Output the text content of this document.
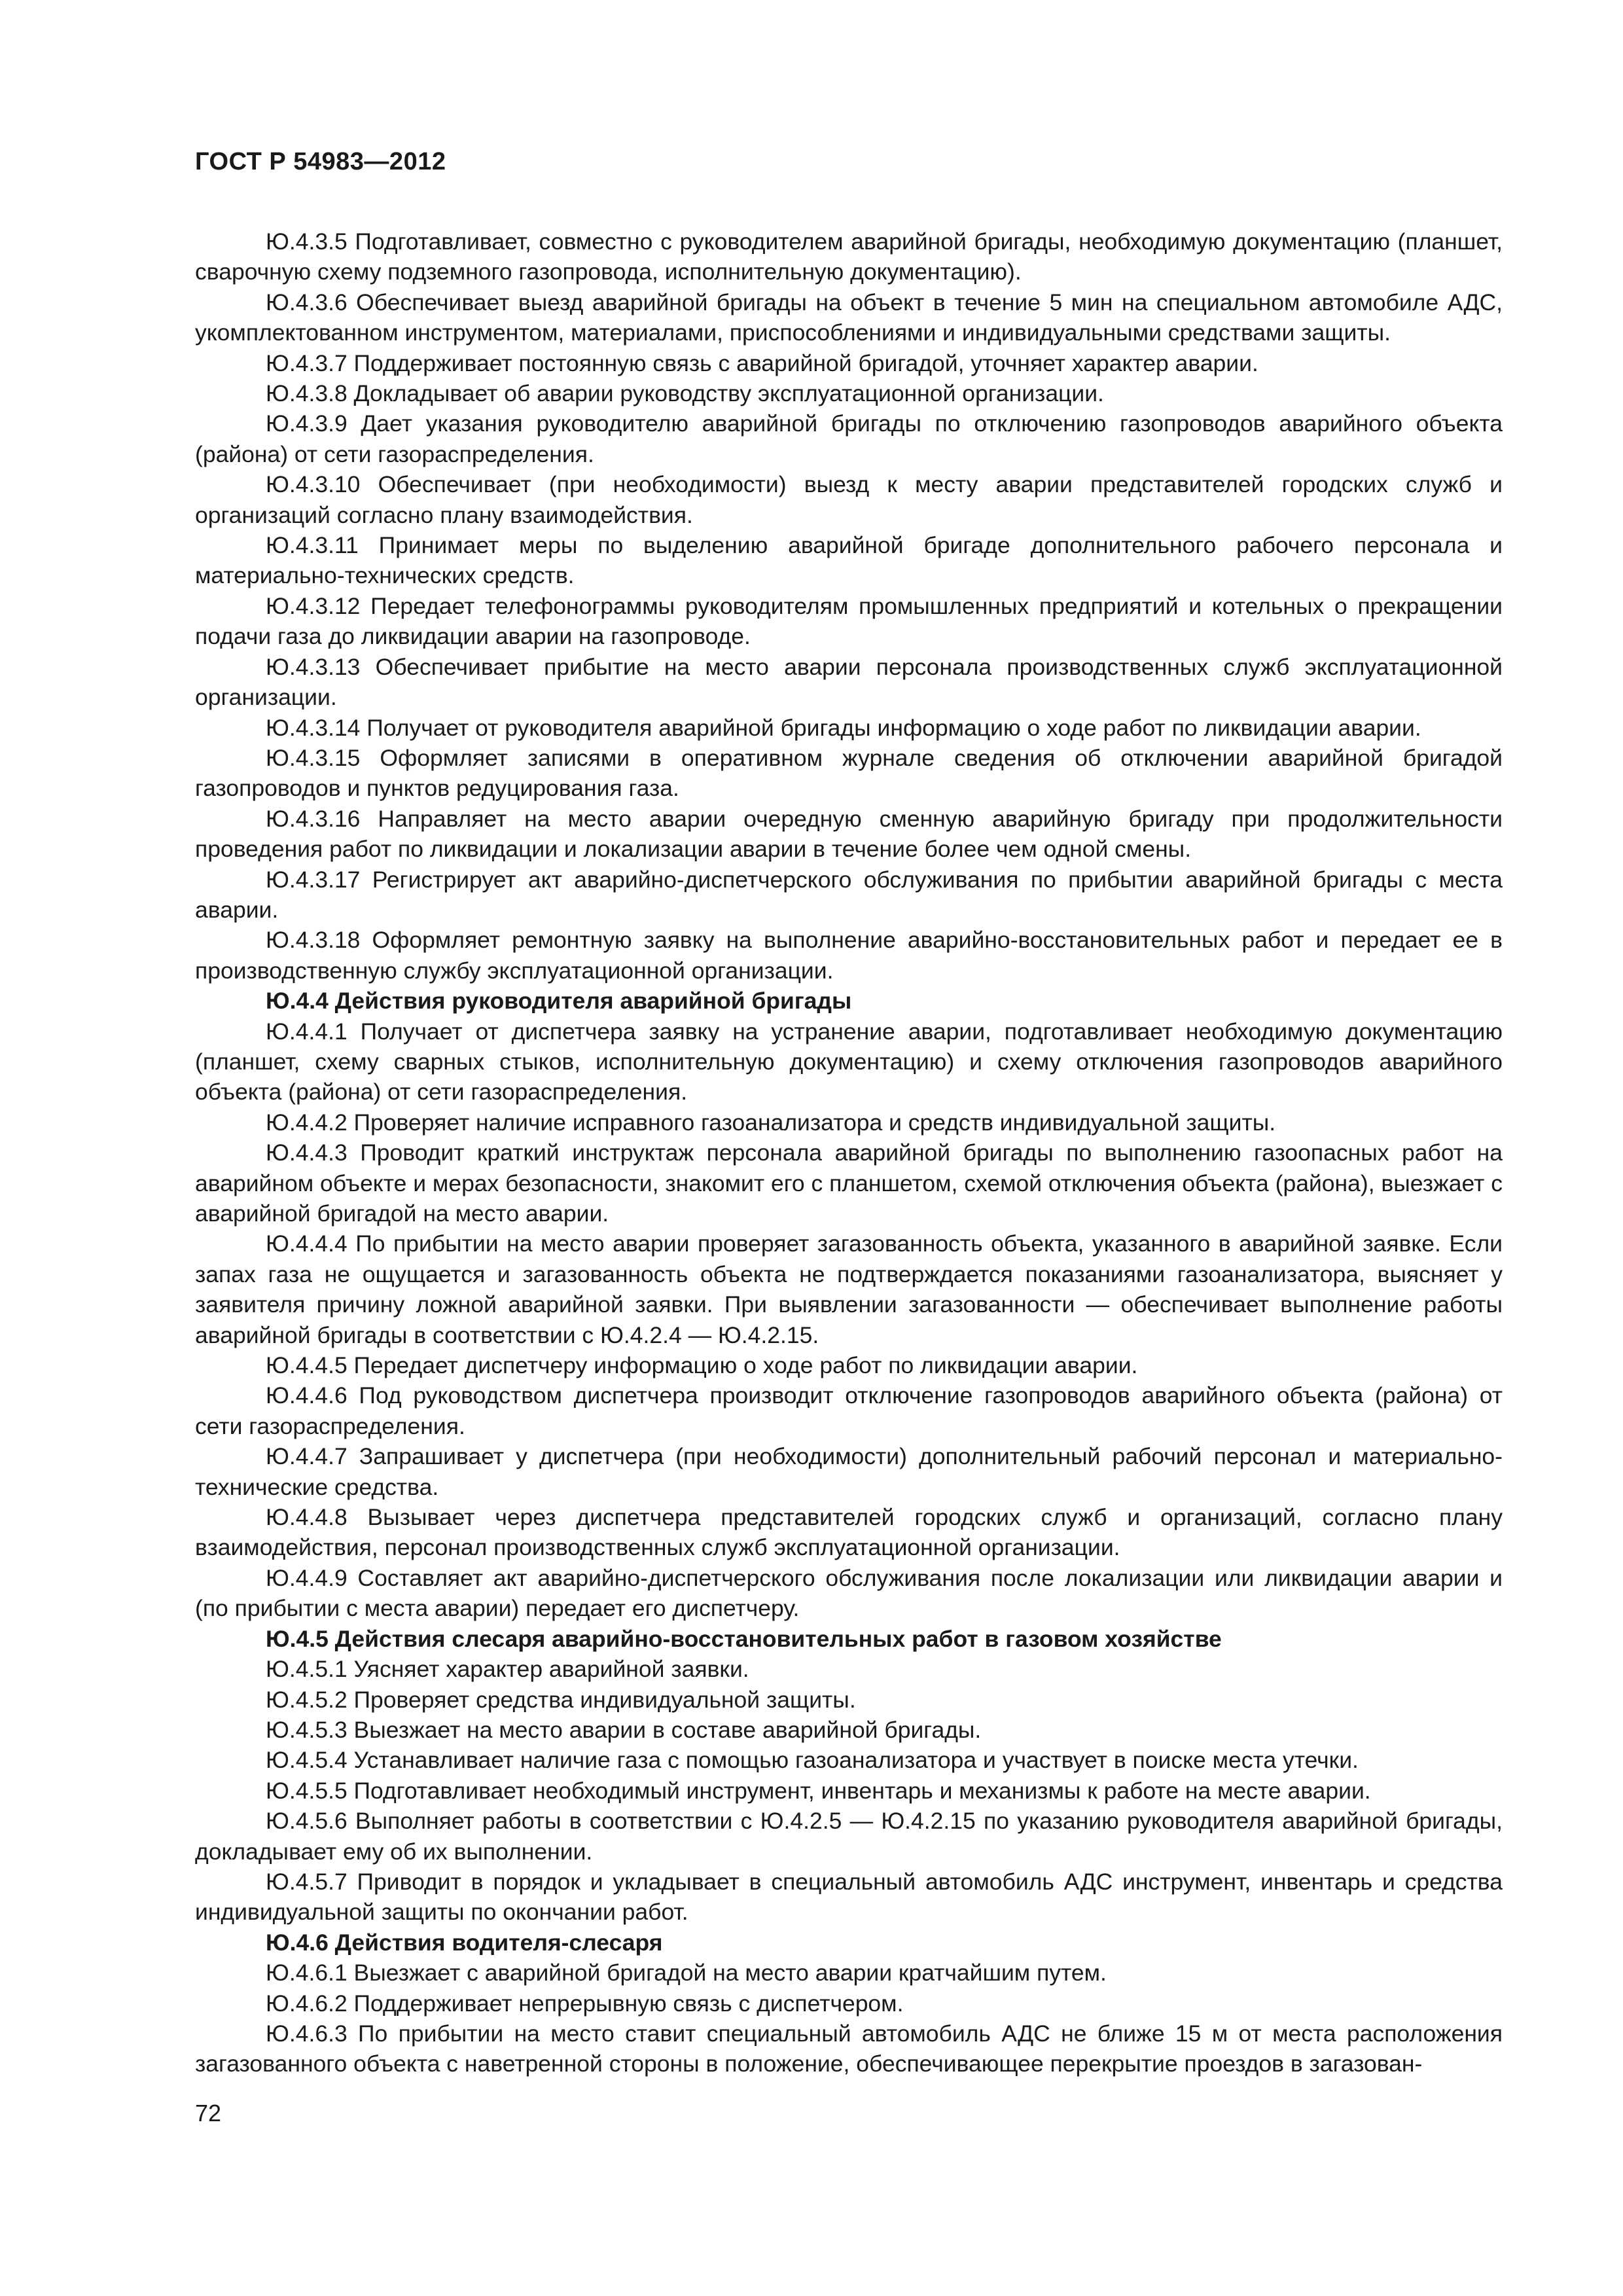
ГОСТ Р 54983—2012

Ю.4.3.5 Подготавливает, совместно с руководителем аварийной бригады, необходимую документацию (планшет, сварочную схему подземного газопровода, исполнительную документацию).

Ю.4.3.6 Обеспечивает выезд аварийной бригады на объект в течение 5 мин на специальном автомобиле АДС, укомплектованном инструментом, материалами, приспособлениями и индивидуальными средствами защиты.

Ю.4.3.7 Поддерживает постоянную связь с аварийной бригадой, уточняет характер аварии.

Ю.4.3.8 Докладывает об аварии руководству эксплуатационной организации.

Ю.4.3.9 Дает указания руководителю аварийной бригады по отключению газопроводов аварийного объекта (района) от сети газораспределения.

Ю.4.3.10 Обеспечивает (при необходимости) выезд к месту аварии представителей городских служб и организаций согласно плану взаимодействия.

Ю.4.3.11 Принимает меры по выделению аварийной бригаде дополнительного рабочего персонала и материально-технических средств.

Ю.4.3.12 Передает телефонограммы руководителям промышленных предприятий и котельных о прекращении подачи газа до ликвидации аварии на газопроводе.

Ю.4.3.13 Обеспечивает прибытие на место аварии персонала производственных служб эксплуатационной организации.

Ю.4.3.14 Получает от руководителя аварийной бригады информацию о ходе работ по ликвидации аварии.

Ю.4.3.15 Оформляет записями в оперативном журнале сведения об отключении аварийной бригадой газопроводов и пунктов редуцирования газа.

Ю.4.3.16 Направляет на место аварии очередную сменную аварийную бригаду при продолжительности проведения работ по ликвидации и локализации аварии в течение более чем одной смены.

Ю.4.3.17 Регистрирует акт аварийно-диспетчерского обслуживания по прибытии аварийной бригады с места аварии.

Ю.4.3.18 Оформляет ремонтную заявку на выполнение аварийно-восстановительных работ и передает ее в производственную службу эксплуатационной организации.

Ю.4.4 Действия руководителя аварийной бригады

Ю.4.4.1 Получает от диспетчера заявку на устранение аварии, подготавливает необходимую документацию (планшет, схему сварных стыков, исполнительную документацию) и схему отключения газопроводов аварийного объекта (района) от сети газораспределения.

Ю.4.4.2 Проверяет наличие исправного газоанализатора и средств индивидуальной защиты.

Ю.4.4.3 Проводит краткий инструктаж персонала аварийной бригады по выполнению газоопасных работ на аварийном объекте и мерах безопасности, знакомит его с планшетом, схемой отключения объекта (района), выезжает с аварийной бригадой на место аварии.

Ю.4.4.4 По прибытии на место аварии проверяет загазованность объекта, указанного в аварийной заявке. Если запах газа не ощущается и загазованность объекта не подтверждается показаниями газоанализатора, выясняет у заявителя причину ложной аварийной заявки. При выявлении загазованности — обеспечивает выполнение работы аварийной бригады в соответствии с Ю.4.2.4 — Ю.4.2.15.

Ю.4.4.5 Передает диспетчеру информацию о ходе работ по ликвидации аварии.

Ю.4.4.6 Под руководством диспетчера производит отключение газопроводов аварийного объекта (района) от сети газораспределения.

Ю.4.4.7 Запрашивает у диспетчера (при необходимости) дополнительный рабочий персонал и материально-технические средства.

Ю.4.4.8 Вызывает через диспетчера представителей городских служб и организаций, согласно плану взаимодействия, персонал производственных служб эксплуатационной организации.

Ю.4.4.9 Составляет акт аварийно-диспетчерского обслуживания после локализации или ликвидации аварии и (по прибытии с места аварии) передает его диспетчеру.

Ю.4.5 Действия слесаря аварийно-восстановительных работ в газовом хозяйстве

Ю.4.5.1 Уясняет характер аварийной заявки.

Ю.4.5.2 Проверяет средства индивидуальной защиты.

Ю.4.5.3 Выезжает на место аварии в составе аварийной бригады.

Ю.4.5.4 Устанавливает наличие газа с помощью газоанализатора и участвует в поиске места утечки.

Ю.4.5.5 Подготавливает необходимый инструмент, инвентарь и механизмы к работе на месте аварии.

Ю.4.5.6 Выполняет работы в соответствии с Ю.4.2.5 — Ю.4.2.15 по указанию руководителя аварийной бригады, докладывает ему об их выполнении.

Ю.4.5.7 Приводит в порядок и укладывает в специальный автомобиль АДС инструмент, инвентарь и средства индивидуальной защиты по окончании работ.

Ю.4.6 Действия водителя-слесаря

Ю.4.6.1 Выезжает с аварийной бригадой на место аварии кратчайшим путем.

Ю.4.6.2 Поддерживает непрерывную связь с диспетчером.

Ю.4.6.3 По прибытии на место ставит специальный автомобиль АДС не ближе 15 м от места расположения загазованного объекта с наветренной стороны в положение, обеспечивающее перекрытие проездов в загазован-

72
